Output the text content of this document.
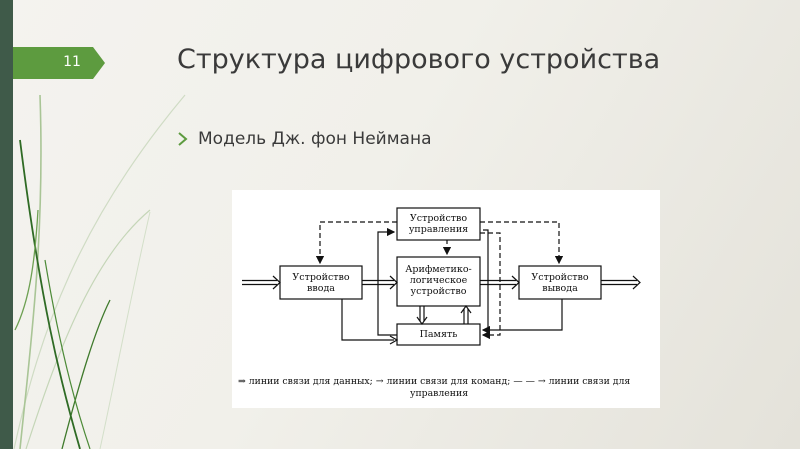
11	Структура цифрового устройства
Модель Дж. фон Неймана
Устройство
управления
Устройство
ввода
Арифметико-
логическое
устройство
Устройство
вывода
Память
⇒ линии связи для данных; → линии связи для команд; — — → линии связи для
управления
